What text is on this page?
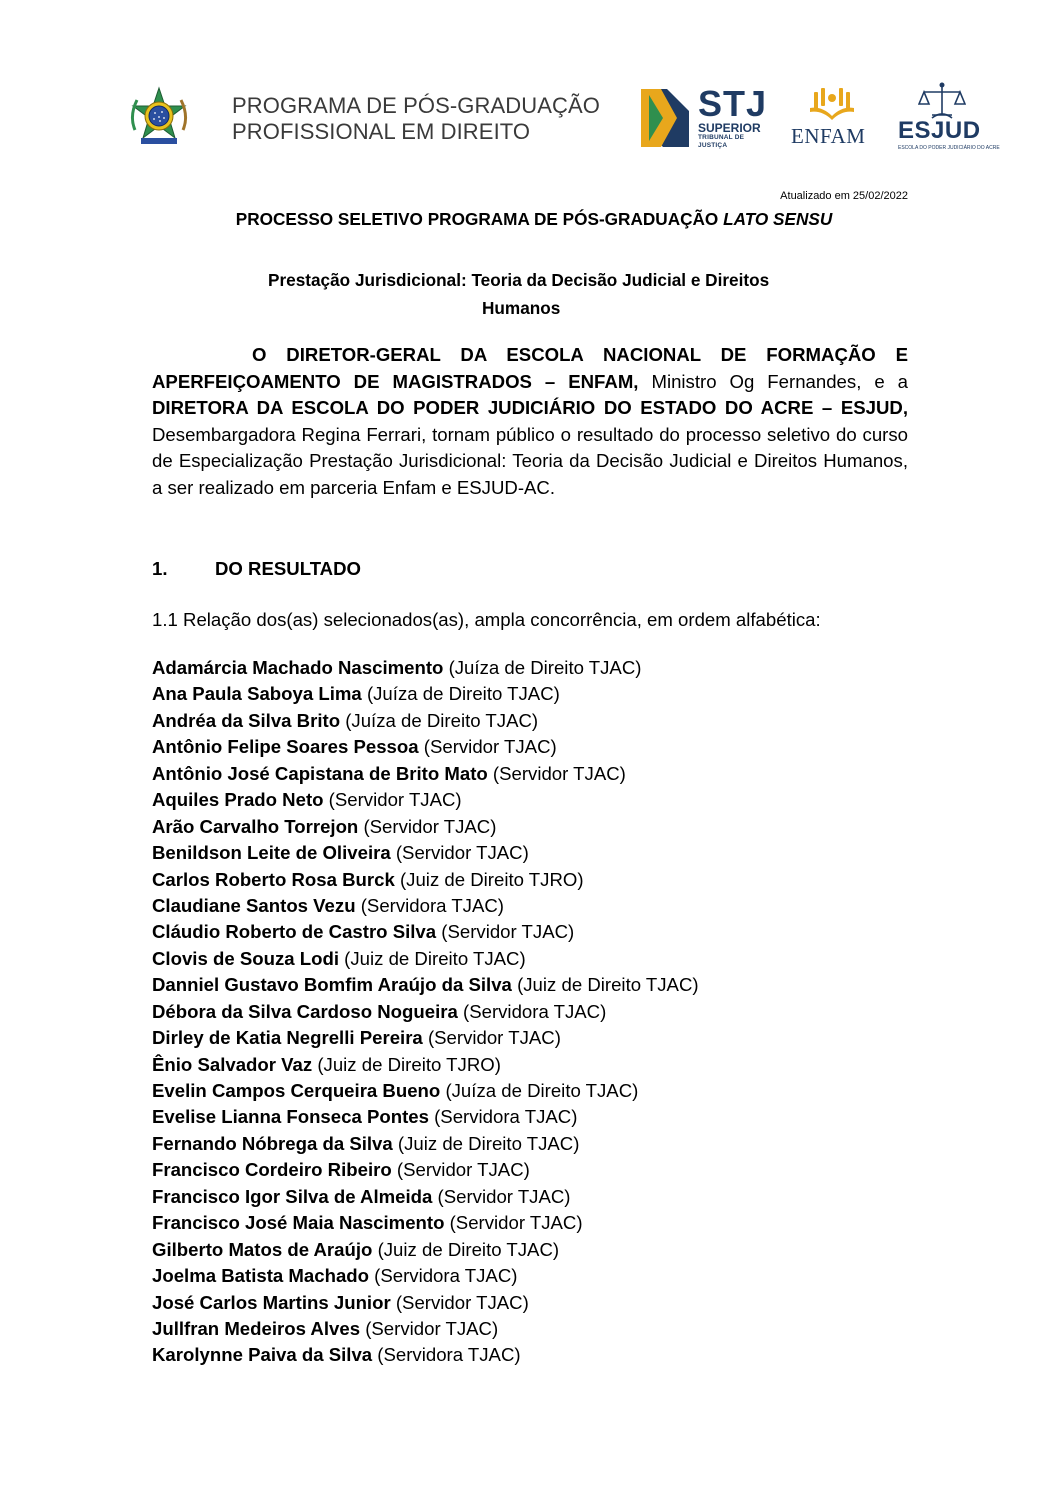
PROGRAMA DE PÓS-GRADUAÇÃO
PROFISSIONAL EM DIREITO
STJ
SUPERIOR
TRIBUNAL DE JUSTIÇA	ENFAM ESJUD
ESCOLA DO PODER JUDICIÁRIO DO ACRE
Atualizado em 25/02/2022
PROCESSO SELETIVO PROGRAMA DE PÓS-GRADUAÇÃO LATO SENSU
Prestação Jurisdicional: Teoria da Decisão Judicial e Direitos
Humanos

O DIRETOR-GERAL DA ESCOLA NACIONAL DE FORMAÇÃO E APERFEIÇOAMENTO DE MAGISTRADOS – ENFAM, Ministro Og Fernandes, e a DIRETORA DA ESCOLA DO PODER JUDICIÁRIO DO ESTADO DO ACRE – ESJUD, Desembargadora Regina Ferrari, tornam público o resultado do processo seletivo do curso de Especialização Prestação Jurisdicional: Teoria da Decisão Judicial e Direitos Humanos, a ser realizado em parceria Enfam e ESJUD-AC.

1.	DO RESULTADO
1.1 Relação dos(as) selecionados(as), ampla concorrência, em ordem alfabética:
Adamárcia Machado Nascimento (Juíza de Direito TJAC)
Ana Paula Saboya Lima (Juíza de Direito TJAC)
Andréa da Silva Brito (Juíza de Direito TJAC)
Antônio Felipe Soares Pessoa (Servidor TJAC)
Antônio José Capistana de Brito Mato (Servidor TJAC)
Aquiles Prado Neto (Servidor TJAC)
Arão Carvalho Torrejon (Servidor TJAC)
Benildson Leite de Oliveira (Servidor TJAC)
Carlos Roberto Rosa Burck (Juiz de Direito TJRO)
Claudiane Santos Vezu (Servidora TJAC)
Cláudio Roberto de Castro Silva (Servidor TJAC)
Clovis de Souza Lodi (Juiz de Direito TJAC)
Danniel Gustavo Bomfim Araújo da Silva (Juiz de Direito TJAC)
Débora da Silva Cardoso Nogueira (Servidora TJAC)
Dirley de Katia Negrelli Pereira (Servidor TJAC)
Ênio Salvador Vaz (Juiz de Direito TJRO)
Evelin Campos Cerqueira Bueno (Juíza de Direito TJAC)
Evelise Lianna Fonseca Pontes (Servidora TJAC)
Fernando Nóbrega da Silva (Juiz de Direito TJAC)
Francisco Cordeiro Ribeiro (Servidor TJAC)
Francisco Igor Silva de Almeida (Servidor TJAC)
Francisco José Maia Nascimento (Servidor TJAC)
Gilberto Matos de Araújo (Juiz de Direito TJAC)
Joelma Batista Machado (Servidora TJAC)
José Carlos Martins Junior (Servidor TJAC)
Jullfran Medeiros Alves (Servidor TJAC)
Karolynne Paiva da Silva (Servidora TJAC)
